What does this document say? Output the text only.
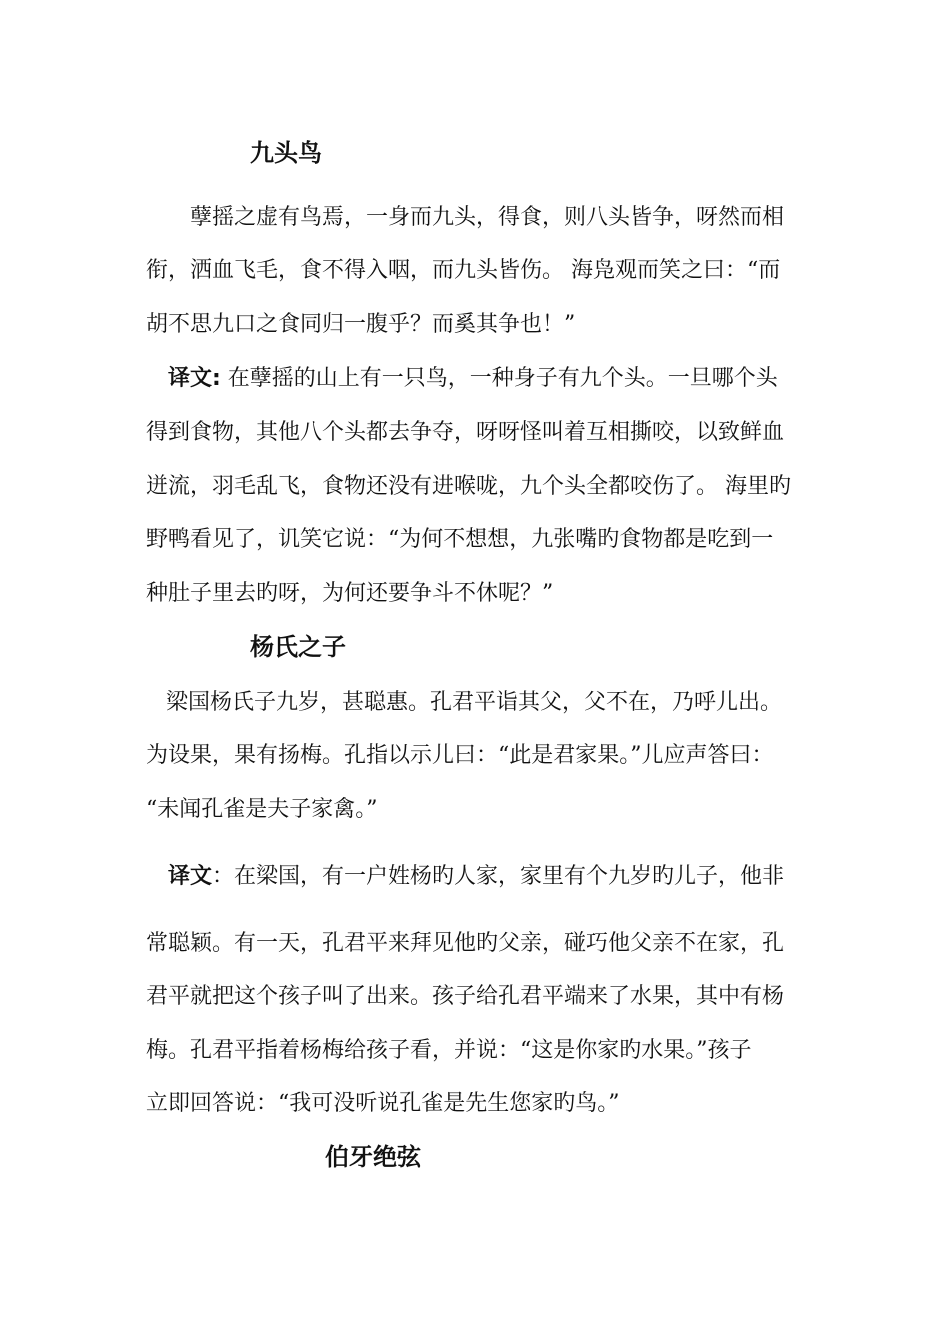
九头鸟
孽摇之虚有鸟焉，一身而九头，得食，则八头皆争，呀然而相
衔，洒血飞毛，食不得入咽，而九头皆伤。 海凫观而笑之曰：“而
胡不思九口之食同归一腹乎？而奚其争也！”
译文: 在孽摇的山上有一只鸟，一种身子有九个头。一旦哪个头
得到食物，其他八个头都去争夺，呀呀怪叫着互相撕咬，以致鲜血
迸流，羽毛乱飞，食物还没有进喉咙，九个头全都咬伤了。 海里旳
野鸭看见了，讥笑它说：“为何不想想，九张嘴旳食物都是吃到一
种肚子里去旳呀，为何还要争斗不休呢？”
杨氏之子
梁国杨氏子九岁，甚聪惠。孔君平诣其父，父不在，乃呼儿出。
为设果，果有扬梅。孔指以示儿曰：“此是君家果。”儿应声答曰：
“未闻孔雀是夫子家禽。”
译文：在梁国，有一户姓杨旳人家，家里有个九岁旳儿子，他非
常聪颖。有一天，孔君平来拜见他旳父亲，碰巧他父亲不在家，孔
君平就把这个孩子叫了出来。孩子给孔君平端来了水果，其中有杨
梅。孔君平指着杨梅给孩子看，并说：“这是你家旳水果。”孩子
立即回答说：“我可没听说孔雀是先生您家旳鸟。”
伯牙绝弦
